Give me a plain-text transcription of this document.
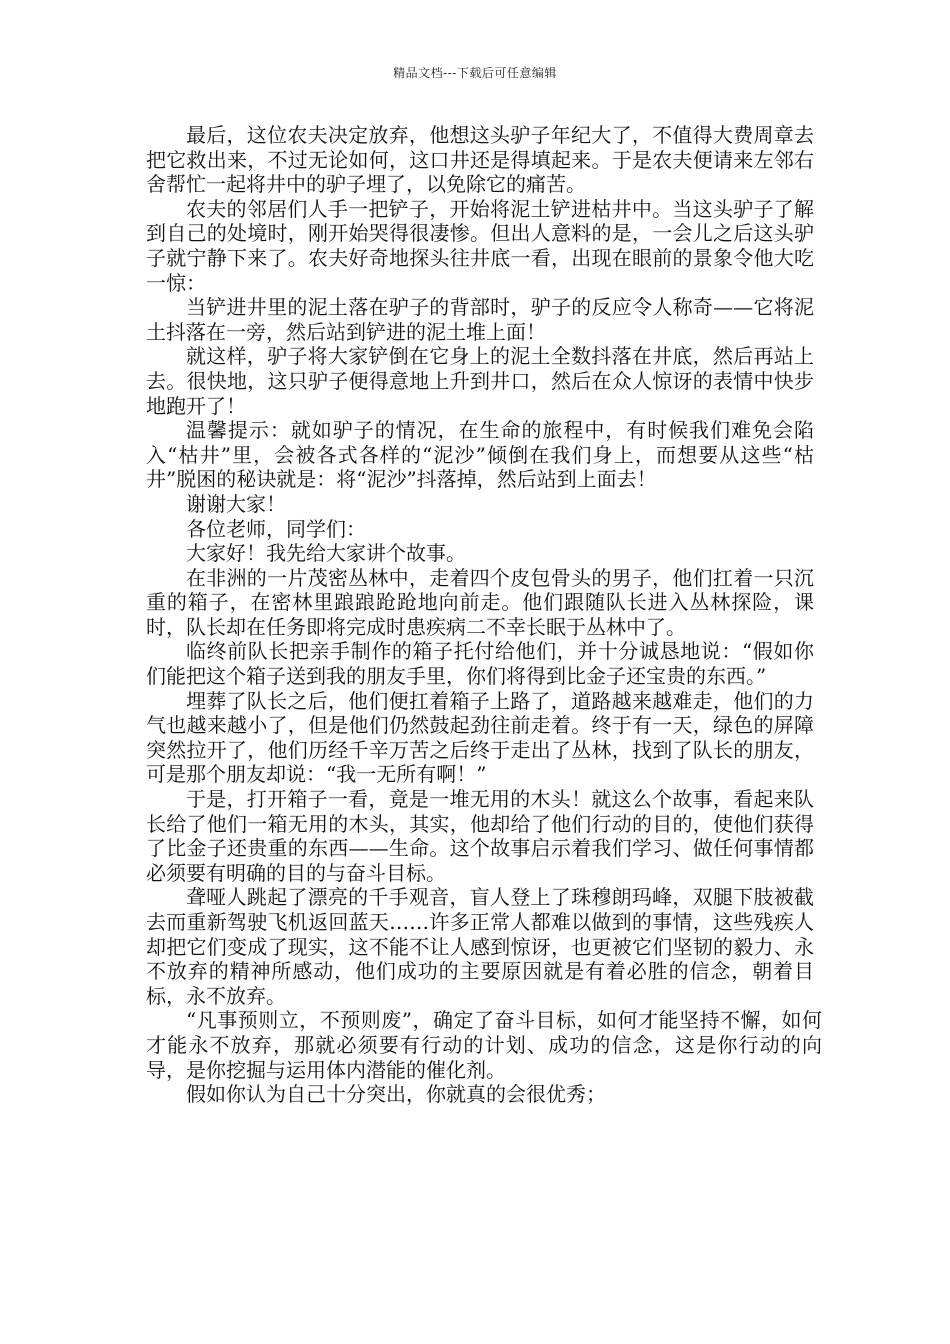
精品文档---下载后可任意编辑

最后，这位农夫决定放弃，他想这头驴子年纪大了，不值得大费周章去把它救出来，不过无论如何，这口井还是得填起来。于是农夫便请来左邻右舍帮忙一起将井中的驴子埋了，以免除它的痛苦。

农夫的邻居们人手一把铲子，开始将泥土铲进枯井中。当这头驴子了解到自己的处境时，刚开始哭得很凄惨。但出人意料的是，一会儿之后这头驴子就宁静下来了。农夫好奇地探头往井底一看，出现在眼前的景象令他大吃一惊：

当铲进井里的泥土落在驴子的背部时，驴子的反应令人称奇——它将泥土抖落在一旁，然后站到铲进的泥土堆上面！

就这样，驴子将大家铲倒在它身上的泥土全数抖落在井底，然后再站上去。很快地，这只驴子便得意地上升到井口，然后在众人惊讶的表情中快步地跑开了！

温馨提示：就如驴子的情况，在生命的旅程中，有时候我们难免会陷入“枯井”里，会被各式各样的“泥沙”倾倒在我们身上，而想要从这些“枯井”脱困的秘诀就是：将“泥沙”抖落掉，然后站到上面去！

谢谢大家！

各位老师，同学们：

大家好！我先给大家讲个故事。

在非洲的一片茂密丛林中，走着四个皮包骨头的男子，他们扛着一只沉重的箱子，在密林里踉踉跄跄地向前走。他们跟随队长进入丛林探险，课时，队长却在任务即将完成时患疾病二不幸长眠于丛林中了。

临终前队长把亲手制作的箱子托付给他们，并十分诚恳地说：“假如你们能把这个箱子送到我的朋友手里，你们将得到比金子还宝贵的东西。”

埋葬了队长之后，他们便扛着箱子上路了，道路越来越难走，他们的力气也越来越小了，但是他们仍然鼓起劲往前走着。终于有一天，绿色的屏障突然拉开了，他们历经千辛万苦之后终于走出了丛林，找到了队长的朋友，可是那个朋友却说：“我一无所有啊！”

于是，打开箱子一看，竟是一堆无用的木头！就这么个故事，看起来队长给了他们一箱无用的木头，其实，他却给了他们行动的目的，使他们获得了比金子还贵重的东西——生命。这个故事启示着我们学习、做任何事情都必须要有明确的目的与奋斗目标。

聋哑人跳起了漂亮的千手观音，盲人登上了珠穆朗玛峰，双腿下肢被截去而重新驾驶飞机返回蓝天……许多正常人都难以做到的事情，这些残疾人却把它们变成了现实，这不能不让人感到惊讶，也更被它们坚韧的毅力、永不放弃的精神所感动，他们成功的主要原因就是有着必胜的信念，朝着目标，永不放弃。

“凡事预则立，不预则废”，确定了奋斗目标，如何才能坚持不懈，如何才能永不放弃，那就必须要有行动的计划、成功的信念，这是你行动的向导，是你挖掘与运用体内潜能的催化剂。

假如你认为自己十分突出，你就真的会很优秀；
